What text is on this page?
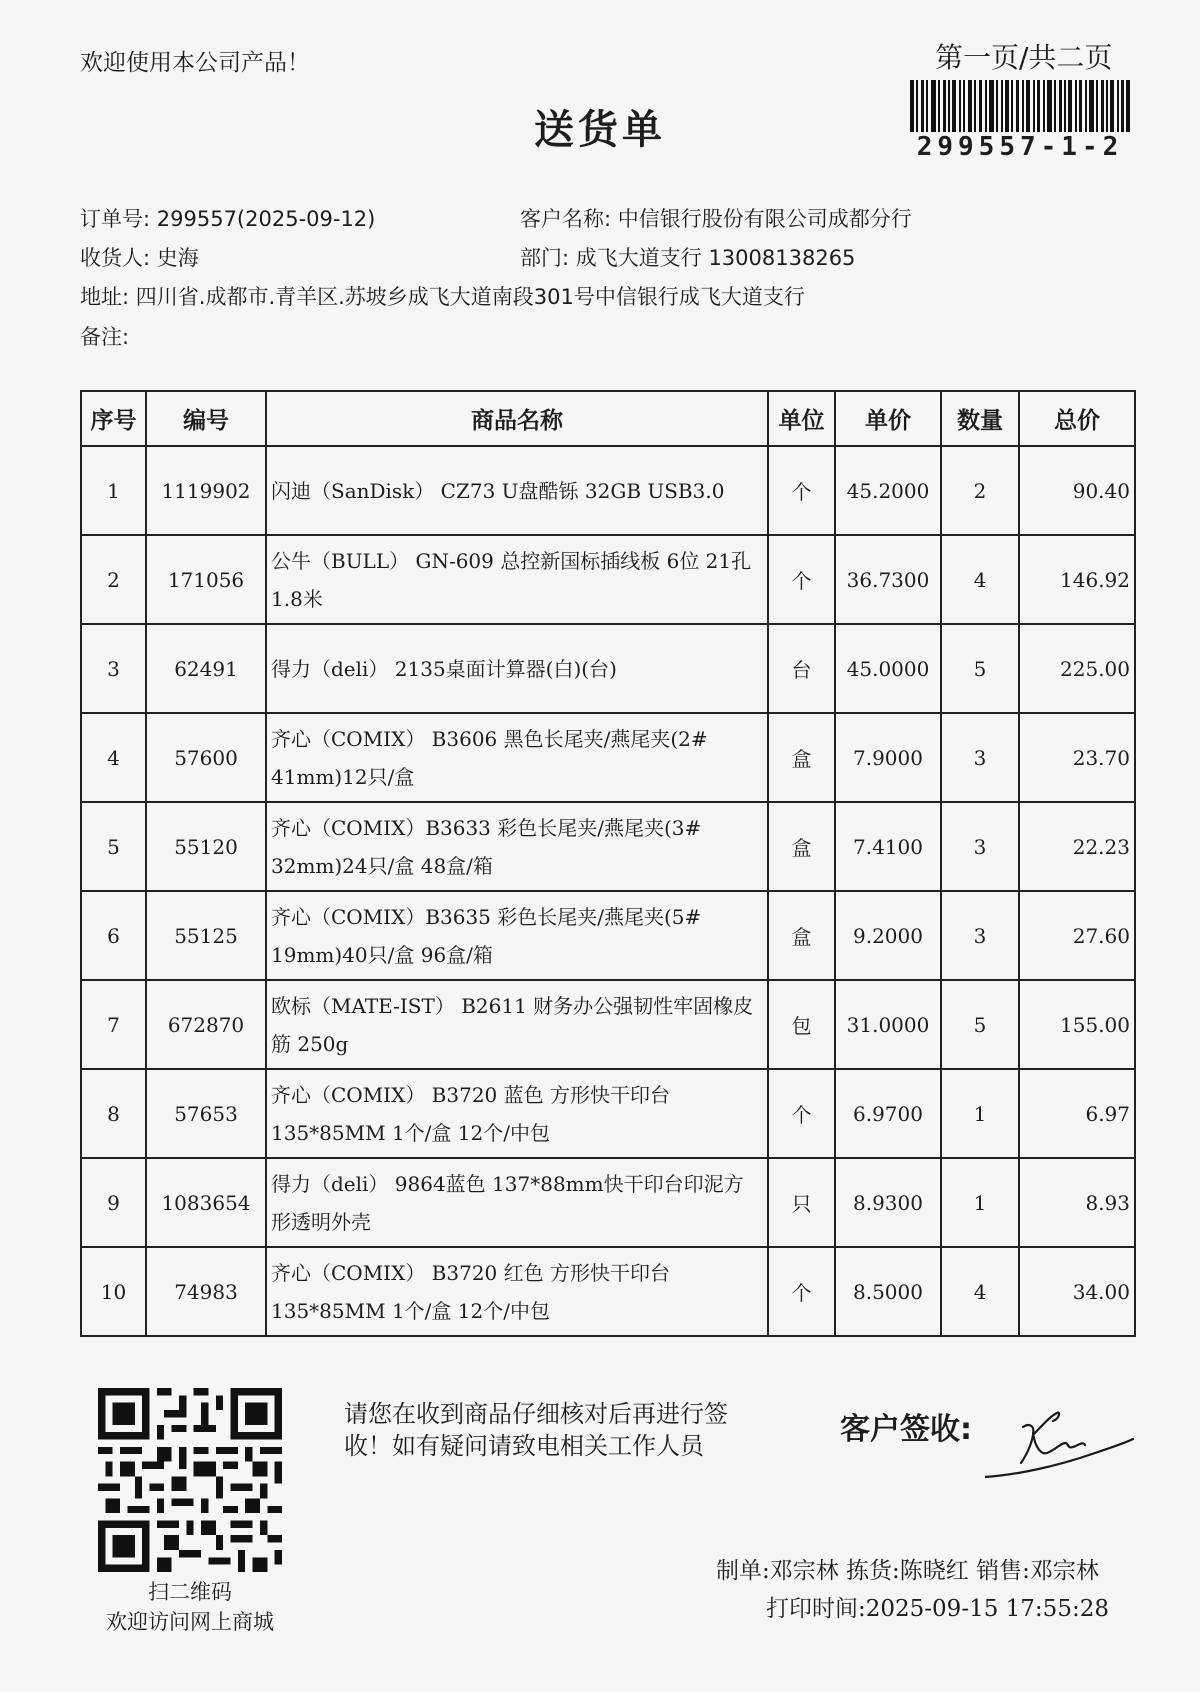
欢迎使用本公司产品！
送货单
第一页/共二页
299557-1-2
订单号: 299557(2025-09-12)	客户名称: 中信银行股份有限公司成都分行
收货人: 史海	部门: 成飞大道支行 13008138265
地址: 四川省.成都市.青羊区.苏坡乡成飞大道南段301号中信银行成飞大道支行
备注:
序号	编号	商品名称	单位	单价	数量	总价
1	1119902	闪迪（SanDisk） CZ73 U盘酷铄 32GB USB3.0	个	45.2000	2	90.40
2	171056	公牛（BULL） GN-609 总控新国标插线板 6位 21孔 1.8米	个	36.7300	4	146.92
3	62491	得力（deli） 2135桌面计算器(白)(台)	台	45.0000	5	225.00
4	57600	齐心（COMIX） B3606 黑色长尾夹/燕尾夹(2# 41mm)12只/盒	盒	7.9000	3	23.70
5	55120	齐心（COMIX）B3633 彩色长尾夹/燕尾夹(3# 32mm)24只/盒 48盒/箱	盒	7.4100	3	22.23
6	55125	齐心（COMIX）B3635 彩色长尾夹/燕尾夹(5# 19mm)40只/盒 96盒/箱	盒	9.2000	3	27.60
7	672870	欧标（MATE-IST） B2611 财务办公强韧性牢固橡皮筋 250g	包	31.0000	5	155.00
8	57653	齐心（COMIX） B3720 蓝色 方形快干印台 135*85MM 1个/盒 12个/中包	个	6.9700	1	6.97
9	1083654	得力（deli） 9864蓝色 137*88mm快干印台印泥方形透明外壳	只	8.9300	1	8.93
10	74983	齐心（COMIX） B3720 红色 方形快干印台 135*85MM 1个/盒 12个/中包	个	8.5000	4	34.00
扫二维码
欢迎访问网上商城
请您在收到商品仔细核对后再进行签收！如有疑问请致电相关工作人员	客户签收:
制单:邓宗林 拣货:陈晓红 销售:邓宗林
打印时间:2025-09-15 17:55:28
